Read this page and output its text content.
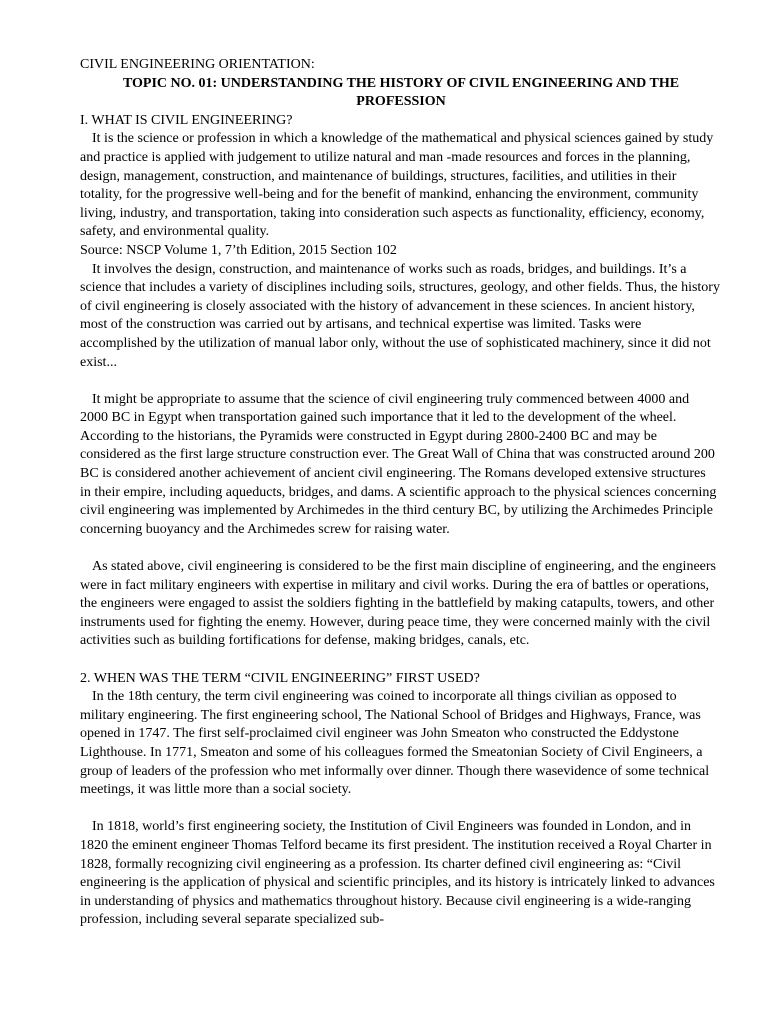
CIVIL ENGINEERING ORIENTATION:

TOPIC NO. 01: UNDERSTANDING THE HISTORY OF CIVIL ENGINEERING AND THE

PROFESSION

I. WHAT IS CIVIL ENGINEERING?

It is the science or profession in which a knowledge of the mathematical and physical sciences gained by study and practice is applied with judgement to utilize natural and man -made resources and forces in the planning, design, management, construction, and maintenance of buildings, structures, facilities, and utilities in their totality, for the progressive well-being and for the benefit of mankind, enhancing the environment, community living, industry, and transportation, taking into consideration such aspects as functionality, efficiency, economy, safety, and environmental quality.

Source: NSCP Volume 1, 7’th Edition, 2015 Section 102

It involves the design, construction, and maintenance of works such as roads, bridges, and buildings. It’s a science that includes a variety of disciplines including soils, structures, geology, and other fields. Thus, the history of civil engineering is closely associated with the history of advancement in these sciences. In ancient history, most of the construction was carried out by artisans, and technical expertise was limited. Tasks were accomplished by the utilization of manual labor only, without the use of sophisticated machinery, since it did not exist...

It might be appropriate to assume that the science of civil engineering truly commenced between 4000 and 2000 BC in Egypt when transportation gained such importance that it led to the development of the wheel. According to the historians, the Pyramids were constructed in Egypt during 2800-2400 BC and may be considered as the first large structure construction ever. The Great Wall of China that was constructed around 200 BC is considered another achievement of ancient civil engineering. The Romans developed extensive structures in their empire, including aqueducts, bridges, and dams. A scientific approach to the physical sciences concerning civil engineering was implemented by Archimedes in the third century BC, by utilizing the Archimedes Principle concerning buoyancy and the Archimedes screw for raising water.

As stated above, civil engineering is considered to be the first main discipline of engineering, and the engineers were in fact military engineers with expertise in military and civil works. During the era of battles or operations, the engineers were engaged to assist the soldiers fighting in the battlefield by making catapults, towers, and other instruments used for fighting the enemy. However, during peace time, they were concerned mainly with the civil activities such as building fortifications for defense, making bridges, canals, etc.

2. WHEN WAS THE TERM “CIVIL ENGINEERING” FIRST USED?

In the 18th century, the term civil engineering was coined to incorporate all things civilian as opposed to military engineering. The first engineering school, The National School of Bridges and Highways, France, was opened in 1747. The first self-proclaimed civil engineer was John Smeaton who constructed the Eddystone Lighthouse. In 1771, Smeaton and some of his colleagues formed the Smeatonian Society of Civil Engineers, a group of leaders of the profession who met informally over dinner. Though there wasevidence of some technical meetings, it was little more than a social society.

In 1818, world’s first engineering society, the Institution of Civil Engineers was founded in London, and in 1820 the eminent engineer Thomas Telford became its first president. The institution received a Royal Charter in 1828, formally recognizing civil engineering as a profession. Its charter defined civil engineering as: “Civil engineering is the application of physical and scientific principles, and its history is intricately linked to advances in understanding of physics and mathematics throughout history. Because civil engineering is a wide-ranging profession, including several separate specialized sub-
